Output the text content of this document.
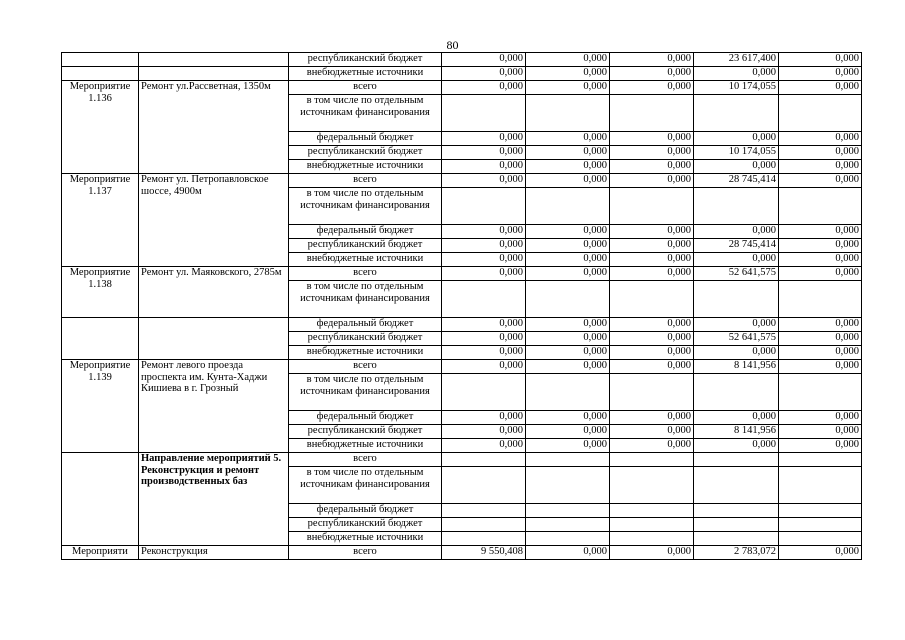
80
		республиканский бюджет	0,000	0,000	0,000	23 617,400	0,000
		внебюджетные источники	0,000	0,000	0,000	0,000	0,000
Мероприятие 1.136	Ремонт ул.Рассветная, 1350м	всего	0,000	0,000	0,000	10 174,055	0,000
		в том числе по отдельным источникам финансирования					
		федеральный бюджет	0,000	0,000	0,000	0,000	0,000
		республиканский бюджет	0,000	0,000	0,000	10 174,055	0,000
		внебюджетные источники	0,000	0,000	0,000	0,000	0,000
Мероприятие 1.137	Ремонт ул. Петропавловское шоссе, 4900м	всего	0,000	0,000	0,000	28 745,414	0,000
		в том числе по отдельным источникам финансирования					
		федеральный бюджет	0,000	0,000	0,000	0,000	0,000
		республиканский бюджет	0,000	0,000	0,000	28 745,414	0,000
		внебюджетные источники	0,000	0,000	0,000	0,000	0,000
Мероприятие 1.138	Ремонт ул. Маяковского, 2785м	всего	0,000	0,000	0,000	52 641,575	0,000
		в том числе по отдельным источникам финансирования					
		федеральный бюджет	0,000	0,000	0,000	0,000	0,000
		республиканский бюджет	0,000	0,000	0,000	52 641,575	0,000
		внебюджетные источники	0,000	0,000	0,000	0,000	0,000
Мероприятие 1.139	Ремонт левого проезда проспекта им. Кунта-Хаджи Кишиева в г. Грозный	всего	0,000	0,000	0,000	8 141,956	0,000
		в том числе по отдельным источникам финансирования					
		федеральный бюджет	0,000	0,000	0,000	0,000	0,000
		республиканский бюджет	0,000	0,000	0,000	8 141,956	0,000
		внебюджетные источники	0,000	0,000	0,000	0,000	0,000
	Направление мероприятий 5. Реконструкция и ремонт производственных баз	всего					
		в том числе по отдельным источникам финансирования					
		федеральный бюджет					
		республиканский бюджет					
		внебюджетные источники					
Мероприяти	Реконструкция	всего	9 550,408	0,000	0,000	2 783,072	0,000
